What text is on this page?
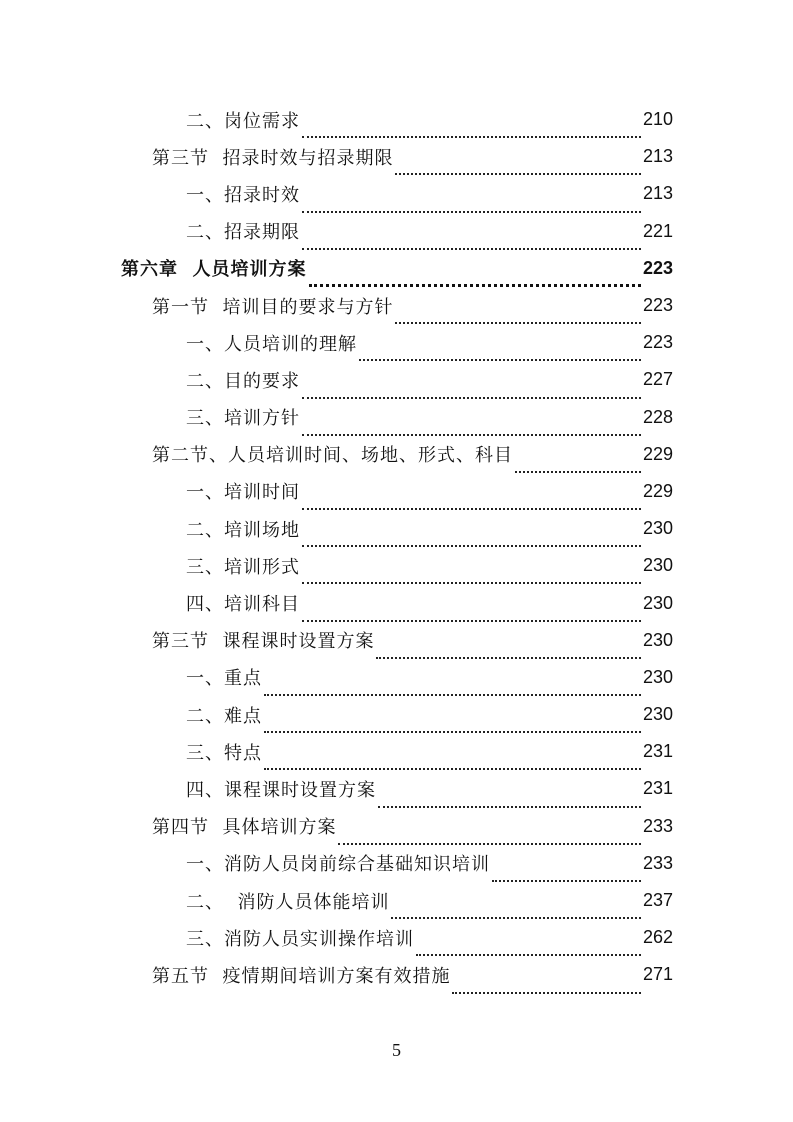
二、岗位需求	210
第三节  招录时效与招录期限	213
一、招录时效	213
二、招录期限	221
第六章  人员培训方案	223
第一节  培训目的要求与方针	223
一、人员培训的理解	223
二、目的要求	227
三、培训方针	228
第二节、人员培训时间、场地、形式、科目	229
一、培训时间	229
二、培训场地	230
三、培训形式	230
四、培训科目	230
第三节  课程课时设置方案	230
一、重点	230
二、难点	230
三、特点	231
四、课程课时设置方案	231
第四节  具体培训方案	233
一、消防人员岗前综合基础知识培训	233
二、  消防人员体能培训	237
三、消防人员实训操作培训	262
第五节  疫情期间培训方案有效措施	271
5
